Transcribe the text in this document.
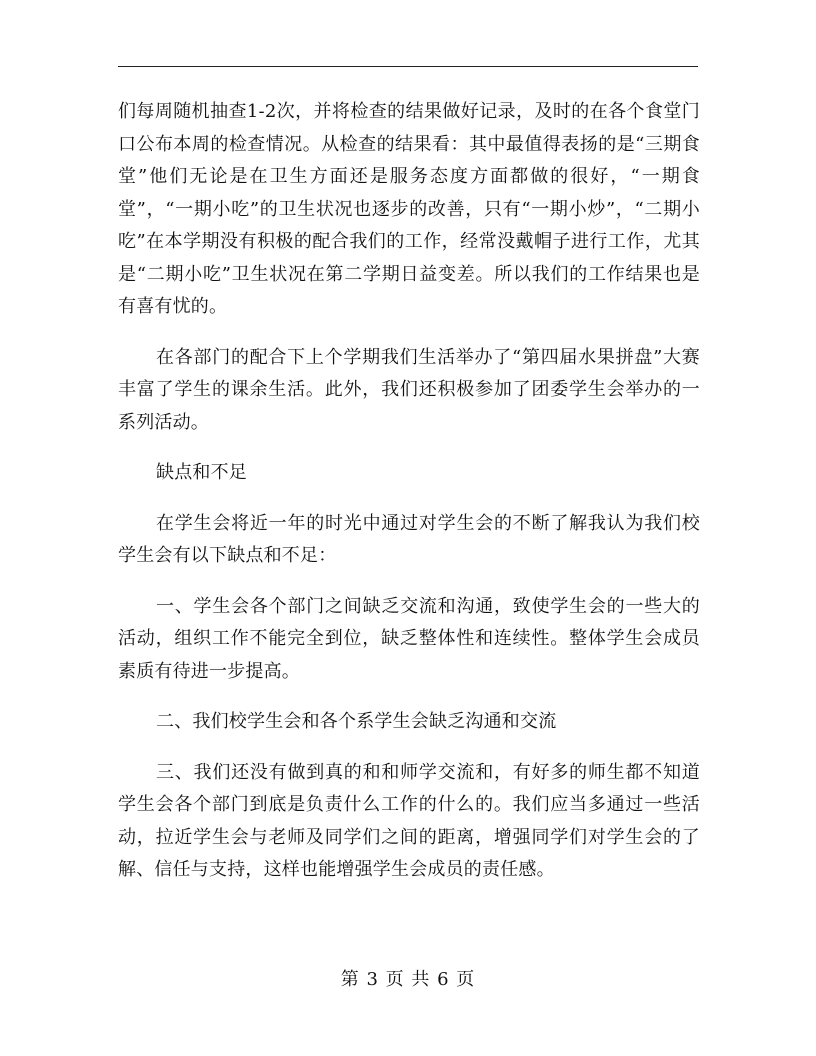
们每周随机抽查1-2次，并将检查的结果做好记录，及时的在各个食堂门口公布本周的检查情况。从检查的结果看：其中最值得表扬的是“三期食堂”他们无论是在卫生方面还是服务态度方面都做的很好，“一期食堂”，“一期小吃”的卫生状况也逐步的改善，只有“一期小炒”，“二期小吃”在本学期没有积极的配合我们的工作，经常没戴帽子进行工作，尤其是“二期小吃”卫生状况在第二学期日益变差。所以我们的工作结果也是有喜有忧的。

在各部门的配合下上个学期我们生活举办了“第四届水果拼盘”大赛丰富了学生的课余生活。此外，我们还积极参加了团委学生会举办的一系列活动。

缺点和不足

在学生会将近一年的时光中通过对学生会的不断了解我认为我们校学生会有以下缺点和不足：

一、学生会各个部门之间缺乏交流和沟通，致使学生会的一些大的活动，组织工作不能完全到位，缺乏整体性和连续性。整体学生会成员素质有待进一步提高。

二、我们校学生会和各个系学生会缺乏沟通和交流

三、我们还没有做到真的和和师学交流和，有好多的师生都不知道学生会各个部门到底是负责什么工作的什么的。我们应当多通过一些活动，拉近学生会与老师及同学们之间的距离，增强同学们对学生会的了解、信任与支持，这样也能增强学生会成员的责任感。

第 3 页 共 6 页
